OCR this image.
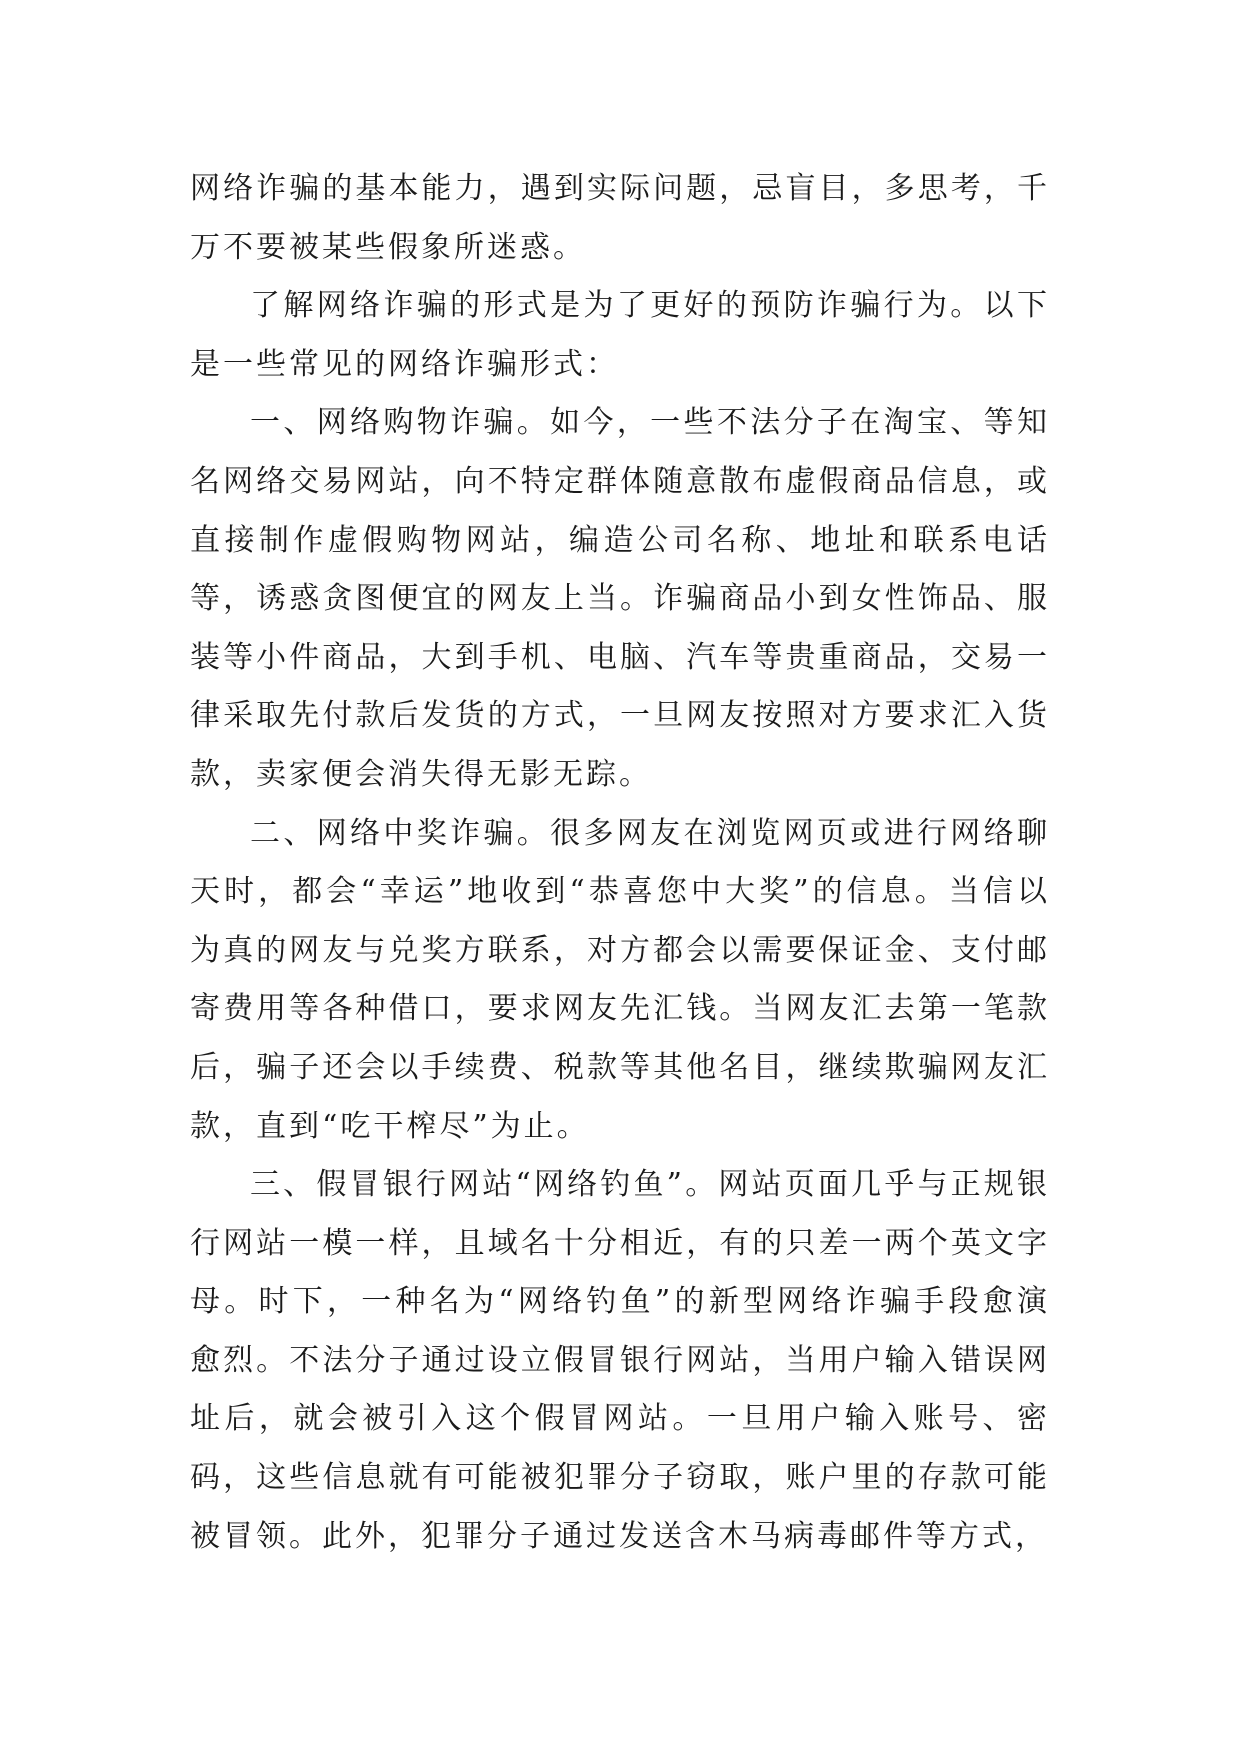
网络诈骗的基本能力，遇到实际问题，忌盲目，多思考，千万不要被某些假象所迷惑。

了解网络诈骗的形式是为了更好的预防诈骗行为。以下是一些常见的网络诈骗形式：

一、网络购物诈骗。如今，一些不法分子在淘宝、等知名网络交易网站，向不特定群体随意散布虚假商品信息，或直接制作虚假购物网站，编造公司名称、地址和联系电话等，诱惑贪图便宜的网友上当。诈骗商品小到女性饰品、服装等小件商品，大到手机、电脑、汽车等贵重商品，交易一律采取先付款后发货的方式，一旦网友按照对方要求汇入货款，卖家便会消失得无影无踪。

二、网络中奖诈骗。很多网友在浏览网页或进行网络聊天时，都会“幸运”地收到“恭喜您中大奖”的信息。当信以为真的网友与兑奖方联系，对方都会以需要保证金、支付邮寄费用等各种借口，要求网友先汇钱。当网友汇去第一笔款后，骗子还会以手续费、税款等其他名目，继续欺骗网友汇款，直到“吃干榨尽”为止。

三、假冒银行网站“网络钓鱼”。网站页面几乎与正规银行网站一模一样，且域名十分相近，有的只差一两个英文字母。时下，一种名为“网络钓鱼”的新型网络诈骗手段愈演愈烈。不法分子通过设立假冒银行网站，当用户输入错误网址后，就会被引入这个假冒网站。一旦用户输入账号、密码，这些信息就有可能被犯罪分子窃取，账户里的存款可能被冒领。此外，犯罪分子通过发送含木马病毒邮件等方式，
